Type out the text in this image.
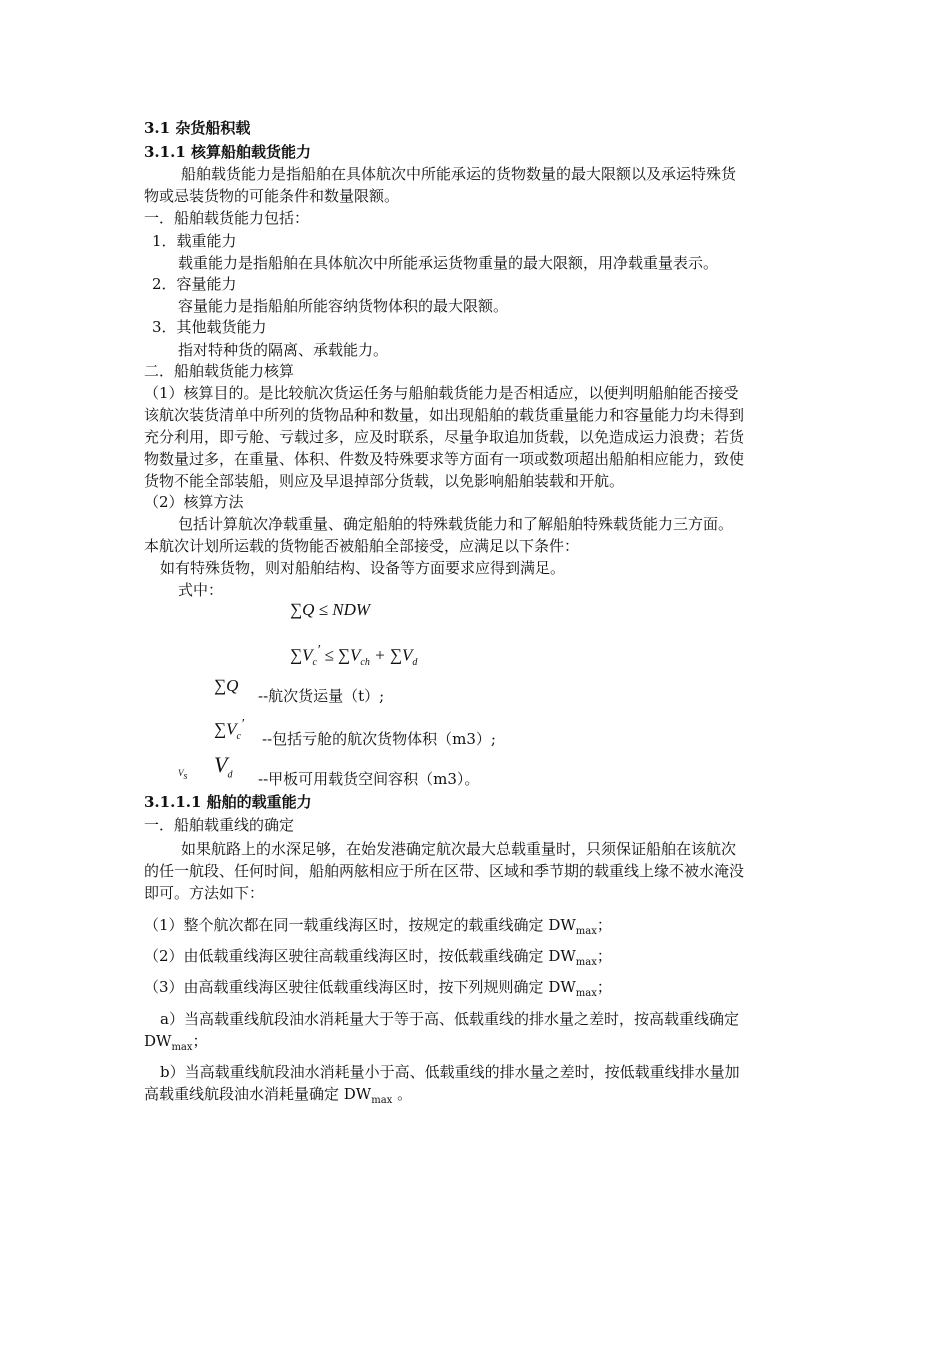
3.1 杂货船积载
3.1.1 核算船舶载货能力
船舶载货能力是指船舶在具体航次中所能承运的货物数量的最大限额以及承运特殊货
物或忌装货物的可能条件和数量限额。
一．船舶载货能力包括：
1．载重能力
载重能力是指船舶在具体航次中所能承运货物重量的最大限额，用净载重量表示。
2．容量能力
容量能力是指船舶所能容纳货物体积的最大限额。
3．其他载货能力
指对特种货的隔离、承载能力。
二．船舶载货能力核算
（1）核算目的。是比较航次货运任务与船舶载货能力是否相适应，以便判明船舶能否接受
该航次装货清单中所列的货物品种和数量，如出现船舶的载货重量能力和容量能力均未得到
充分利用，即亏舱、亏载过多，应及时联系，尽量争取追加货载，以免造成运力浪费；若货
物数量过多，在重量、体积、件数及特殊要求等方面有一项或数项超出船舶相应能力，致使
货物不能全部装船，则应及早退掉部分货载，以免影响船舶装载和开航。
（2）核算方法
包括计算航次净载重量、确定船舶的特殊载货能力和了解船舶特殊载货能力三方面。
本航次计划所运载的货物能否被船舶全部接受，应满足以下条件：
如有特殊货物，则对船舶结构、设备等方面要求应得到满足。
式中：
∑Q ≤ NDW
$\sum V_c' \le \sum V_{ch} + \sum V_d$
∑Q
--航次货运量（t）;
$\sum V_c'$
--包括亏舱的航次货物体积（m3）;
$V_s$ $V_d$ --甲板可用载货空间容积（m3）。
3.1.1.1 船舶的载重能力
一．船舶载重线的确定
如果航路上的水深足够，在始发港确定航次最大总载重量时，只须保证船舶在该航次
的任一航段、任何时间，船舶两舷相应于所在区带、区域和季节期的载重线上缘不被水淹没
即可。方法如下：
（1）整个航次都在同一载重线海区时，按规定的载重线确定 $DW_{max}$；
（2）由低载重线海区驶往高载重线海区时，按低载重线确定 $DW_{max}$；
（3）由高载重线海区驶往低载重线海区时，按下列规则确定 $DW_{max}$；
a）当高载重线航段油水消耗量大于等于高、低载重线的排水量之差时，按高载重线确定
$DW_{max}$；
b）当高载重线航段油水消耗量小于高、低载重线的排水量之差时，按低载重线排水量加
高载重线航段油水消耗量确定 $DW_{max}$ 。
